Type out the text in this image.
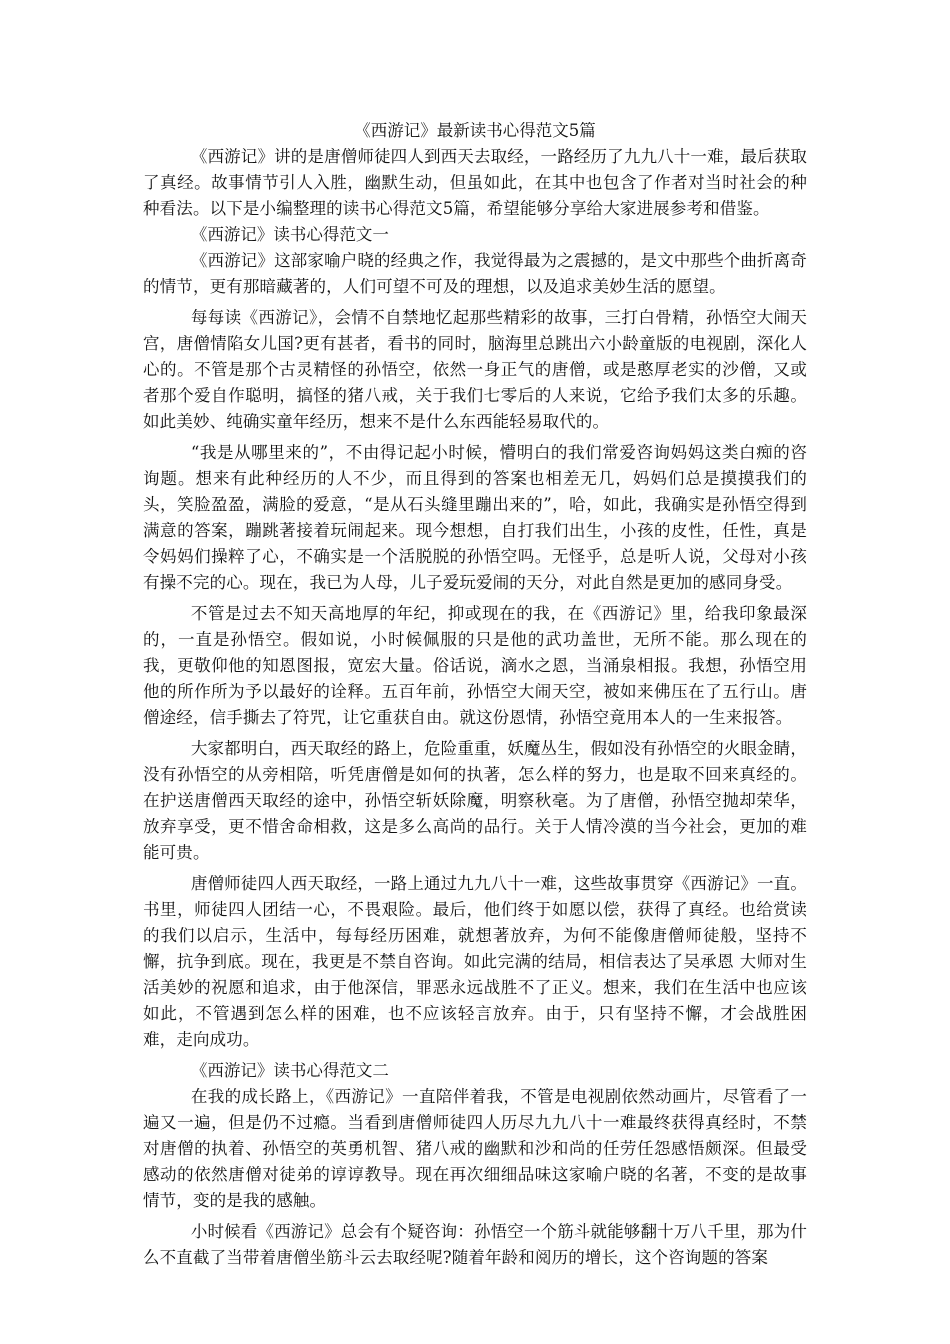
《西游记》最新读书心得范文5篇

《西游记》讲的是唐僧师徒四人到西天去取经，一路经历了九九八十一难，最后获取了真经。故事情节引人入胜，幽默生动，但虽如此，在其中也包含了作者对当时社会的种种看法。以下是小编整理的读书心得范文5篇，希望能够分享给大家进展参考和借鉴。

《西游记》读书心得范文一

《西游记》这部家喻户晓的经典之作，我觉得最为之震撼的，是文中那些个曲折离奇的情节，更有那暗藏著的，人们可望不可及的理想，以及追求美妙生活的愿望。

每每读《西游记》，会情不自禁地忆起那些精彩的故事，三打白骨精，孙悟空大闹天宫，唐僧情陷女儿国?更有甚者，看书的同时，脑海里总跳出六小龄童版的电视剧，深化人心的。不管是那个古灵精怪的孙悟空，依然一身正气的唐僧，或是憨厚老实的沙僧，又或者那个爱自作聪明，搞怪的猪八戒，关于我们七零后的人来说，它给予我们太多的乐趣。如此美妙、纯确实童年经历，想来不是什么东西能轻易取代的。

“我是从哪里来的”，不由得记起小时候，懵明白的我们常爱咨询妈妈这类白痴的咨询题。想来有此种经历的人不少，而且得到的答案也相差无几，妈妈们总是摸摸我们的头，笑脸盈盈，满脸的爱意，“是从石头缝里蹦出来的”，哈，如此，我确实是孙悟空得到满意的答案，蹦跳著接着玩闹起来。现今想想，自打我们出生，小孩的皮性，任性，真是令妈妈们操粹了心，不确实是一个活脱脱的孙悟空吗。无怪乎，总是听人说，父母对小孩有操不完的心。现在，我已为人母，儿子爱玩爱闹的天分，对此自然是更加的感同身受。

不管是过去不知天高地厚的年纪，抑或现在的我，在《西游记》里，给我印象最深的，一直是孙悟空。假如说，小时候佩服的只是他的武功盖世，无所不能。那么现在的我，更敬仰他的知恩图报，宽宏大量。俗话说，滴水之恩，当涌泉相报。我想，孙悟空用他的所作所为予以最好的诠释。五百年前，孙悟空大闹天空，被如来佛压在了五行山。唐僧途经，信手撕去了符咒，让它重获自由。就这份恩情，孙悟空竟用本人的一生来报答。

大家都明白，西天取经的路上，危险重重，妖魔丛生，假如没有孙悟空的火眼金睛，没有孙悟空的从旁相陪，听凭唐僧是如何的执著，怎么样的努力，也是取不回来真经的。在护送唐僧西天取经的途中，孙悟空斩妖除魔，明察秋毫。为了唐僧，孙悟空抛却荣华，放弃享受，更不惜舍命相救，这是多么高尚的品行。关于人情冷漠的当今社会，更加的难能可贵。

唐僧师徒四人西天取经，一路上通过九九八十一难，这些故事贯穿《西游记》一直。书里，师徒四人团结一心，不畏艰险。最后，他们终于如愿以偿，获得了真经。也给赏读的我们以启示，生活中，每每经历困难，就想著放弃，为何不能像唐僧师徒般，坚持不懈，抗争到底。现在，我更是不禁自咨询。如此完满的结局，相信表达了吴承恩 大师对生活美妙的祝愿和追求，由于他深信，罪恶永远战胜不了正义。想来，我们在生活中也应该如此，不管遇到怎么样的困难，也不应该轻言放弃。由于，只有坚持不懈，才会战胜困难，走向成功。

《西游记》读书心得范文二

在我的成长路上，《西游记》一直陪伴着我，不管是电视剧依然动画片，尽管看了一遍又一遍，但是仍不过瘾。当看到唐僧师徒四人历尽九九八十一难最终获得真经时，不禁对唐僧的执着、孙悟空的英勇机智、猪八戒的幽默和沙和尚的任劳任怨感悟颇深。但最受感动的依然唐僧对徒弟的谆谆教导。现在再次细细品味这家喻户晓的名著，不变的是故事情节，变的是我的感触。

小时候看《西游记》总会有个疑咨询：孙悟空一个筋斗就能够翻十万八千里，那为什么不直截了当带着唐僧坐筋斗云去取经呢?随着年龄和阅历的增长，这个咨询题的答案
